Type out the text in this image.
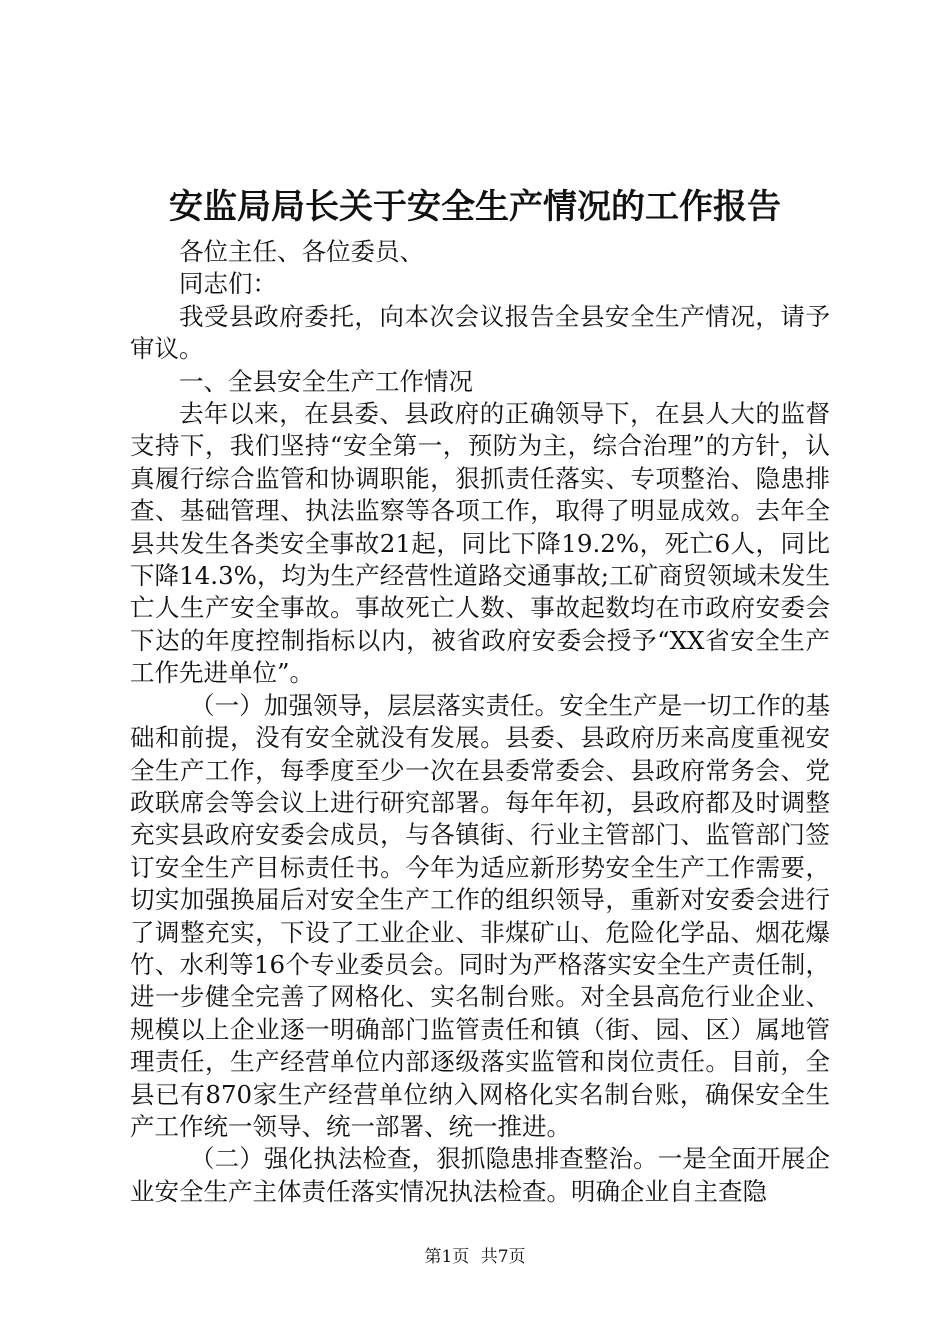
安监局局长关于安全生产情况的工作报告

各位主任、各位委员、

同志们：

我受县政府委托，向本次会议报告全县安全生产情况，请予审议。

一、全县安全生产工作情况

去年以来，在县委、县政府的正确领导下，在县人大的监督支持下，我们坚持“安全第一，预防为主，综合治理”的方针，认真履行综合监管和协调职能，狠抓责任落实、专项整治、隐患排查、基础管理、执法监察等各项工作，取得了明显成效。去年全县共发生各类安全事故21起，同比下降19.2%，死亡6人，同比下降14.3%，均为生产经营性道路交通事故;工矿商贸领域未发生亡人生产安全事故。事故死亡人数、事故起数均在市政府安委会下达的年度控制指标以内，被省政府安委会授予“XX省安全生产工作先进单位”。

（一）加强领导，层层落实责任。安全生产是一切工作的基础和前提，没有安全就没有发展。县委、县政府历来高度重视安全生产工作，每季度至少一次在县委常委会、县政府常务会、党政联席会等会议上进行研究部署。每年年初，县政府都及时调整充实县政府安委会成员，与各镇街、行业主管部门、监管部门签订安全生产目标责任书。今年为适应新形势安全生产工作需要，切实加强换届后对安全生产工作的组织领导，重新对安委会进行了调整充实，下设了工业企业、非煤矿山、危险化学品、烟花爆竹、水利等16个专业委员会。同时为严格落实安全生产责任制，进一步健全完善了网格化、实名制台账。对全县高危行业企业、规模以上企业逐一明确部门监管责任和镇（街、园、区）属地管理责任，生产经营单位内部逐级落实监管和岗位责任。目前，全县已有870家生产经营单位纳入网格化实名制台账，确保安全生产工作统一领导、统一部署、统一推进。

（二）强化执法检查，狠抓隐患排查整治。一是全面开展企业安全生产主体责任落实情况执法检查。明确企业自主查隐

第1页 共7页
